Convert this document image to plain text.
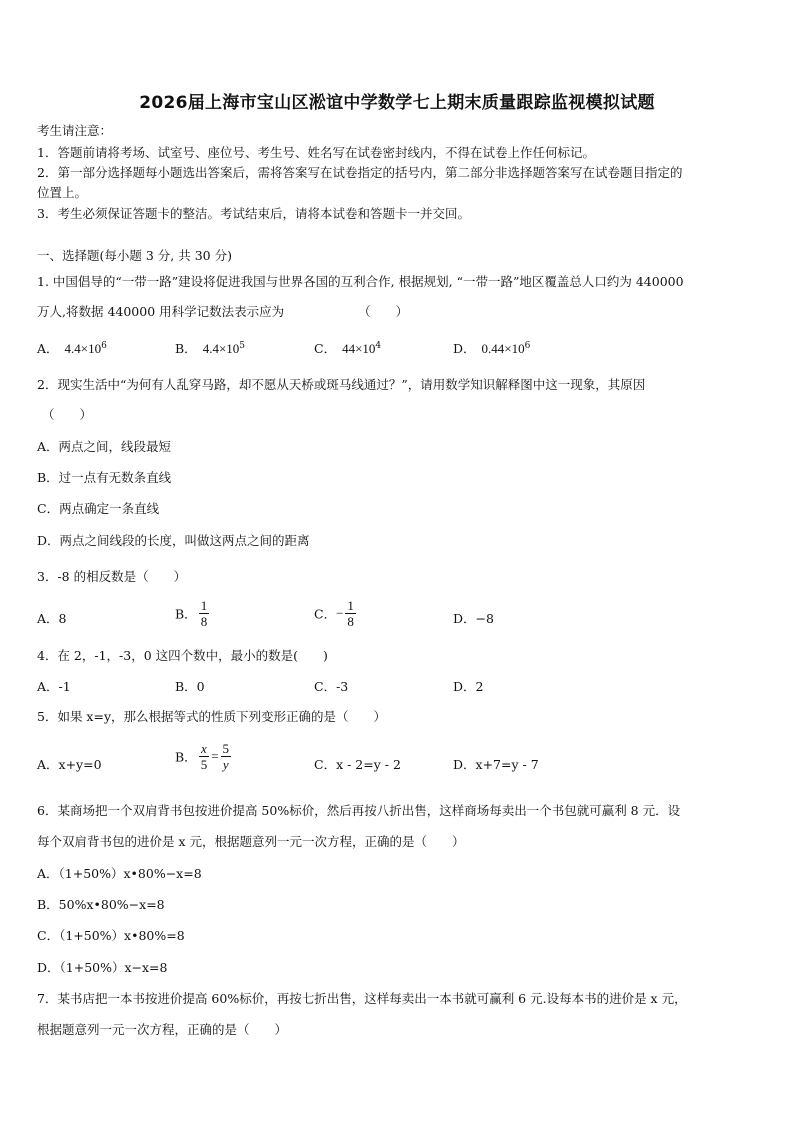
2026届上海市宝山区淞谊中学数学七上期末质量跟踪监视模拟试题
考生请注意：
1．答题前请将考场、试室号、座位号、考生号、姓名写在试卷密封线内，不得在试卷上作任何标记。
2．第一部分选择题每小题选出答案后，需将答案写在试卷指定的括号内，第二部分非选择题答案写在试卷题目指定的
位置上。
3．考生必须保证答题卡的整洁。考试结束后，请将本试卷和答题卡一并交回。
一、选择题(每小题 3 分, 共 30 分)
1. 中国倡导的“一带一路”建设将促进我国与世界各国的互利合作, 根据规划, “一带一路”地区覆盖总人口约为 440000
万人,将数据 440000 用科学记数法表示应为	（　　）
A． $4.4\times 10^6$	B． $4.4\times 10^5$	C． $44\times 10^4$	D． $0.44\times 10^6$
2．现实生活中“为何有人乱穿马路，却不愿从天桥或斑马线通过？”，请用数学知识解释图中这一现象，其原因
（　　）
A．两点之间，线段最短
B．过一点有无数条直线
C．两点确定一条直线
D．两点之间线段的长度，叫做这两点之间的距离
3．-8 的相反数是（　　）
A．8	B． $\frac{1}{8}$	C．− $\frac{1}{8}$	D．−8
4．在 2，-1，-3，0 这四个数中，最小的数是(　　)
A．-1	B．0	C．-3	D．2
5．如果 x=y，那么根据等式的性质下列变形正确的是（　　）
A．x+y=0	B． $\frac{x}{5} = \frac{5}{y}$	C．x - 2=y - 2	D．x+7=y - 7
6．某商场把一个双肩背书包按进价提高 50%标价，然后再按八折出售，这样商场每卖出一个书包就可赢利 8 元．设
每个双肩背书包的进价是 x 元，根据题意列一元一次方程，正确的是（　　）
A．（1+50%）x•80%−x=8
B．50%x•80%−x=8
C．（1+50%）x•80%=8
D．（1+50%）x−x=8
7．某书店把一本书按进价提高 60%标价，再按七折出售，这样每卖出一本书就可赢利 6 元.设每本书的进价是 x 元，
根据题意列一元一次方程，正确的是（　　）
